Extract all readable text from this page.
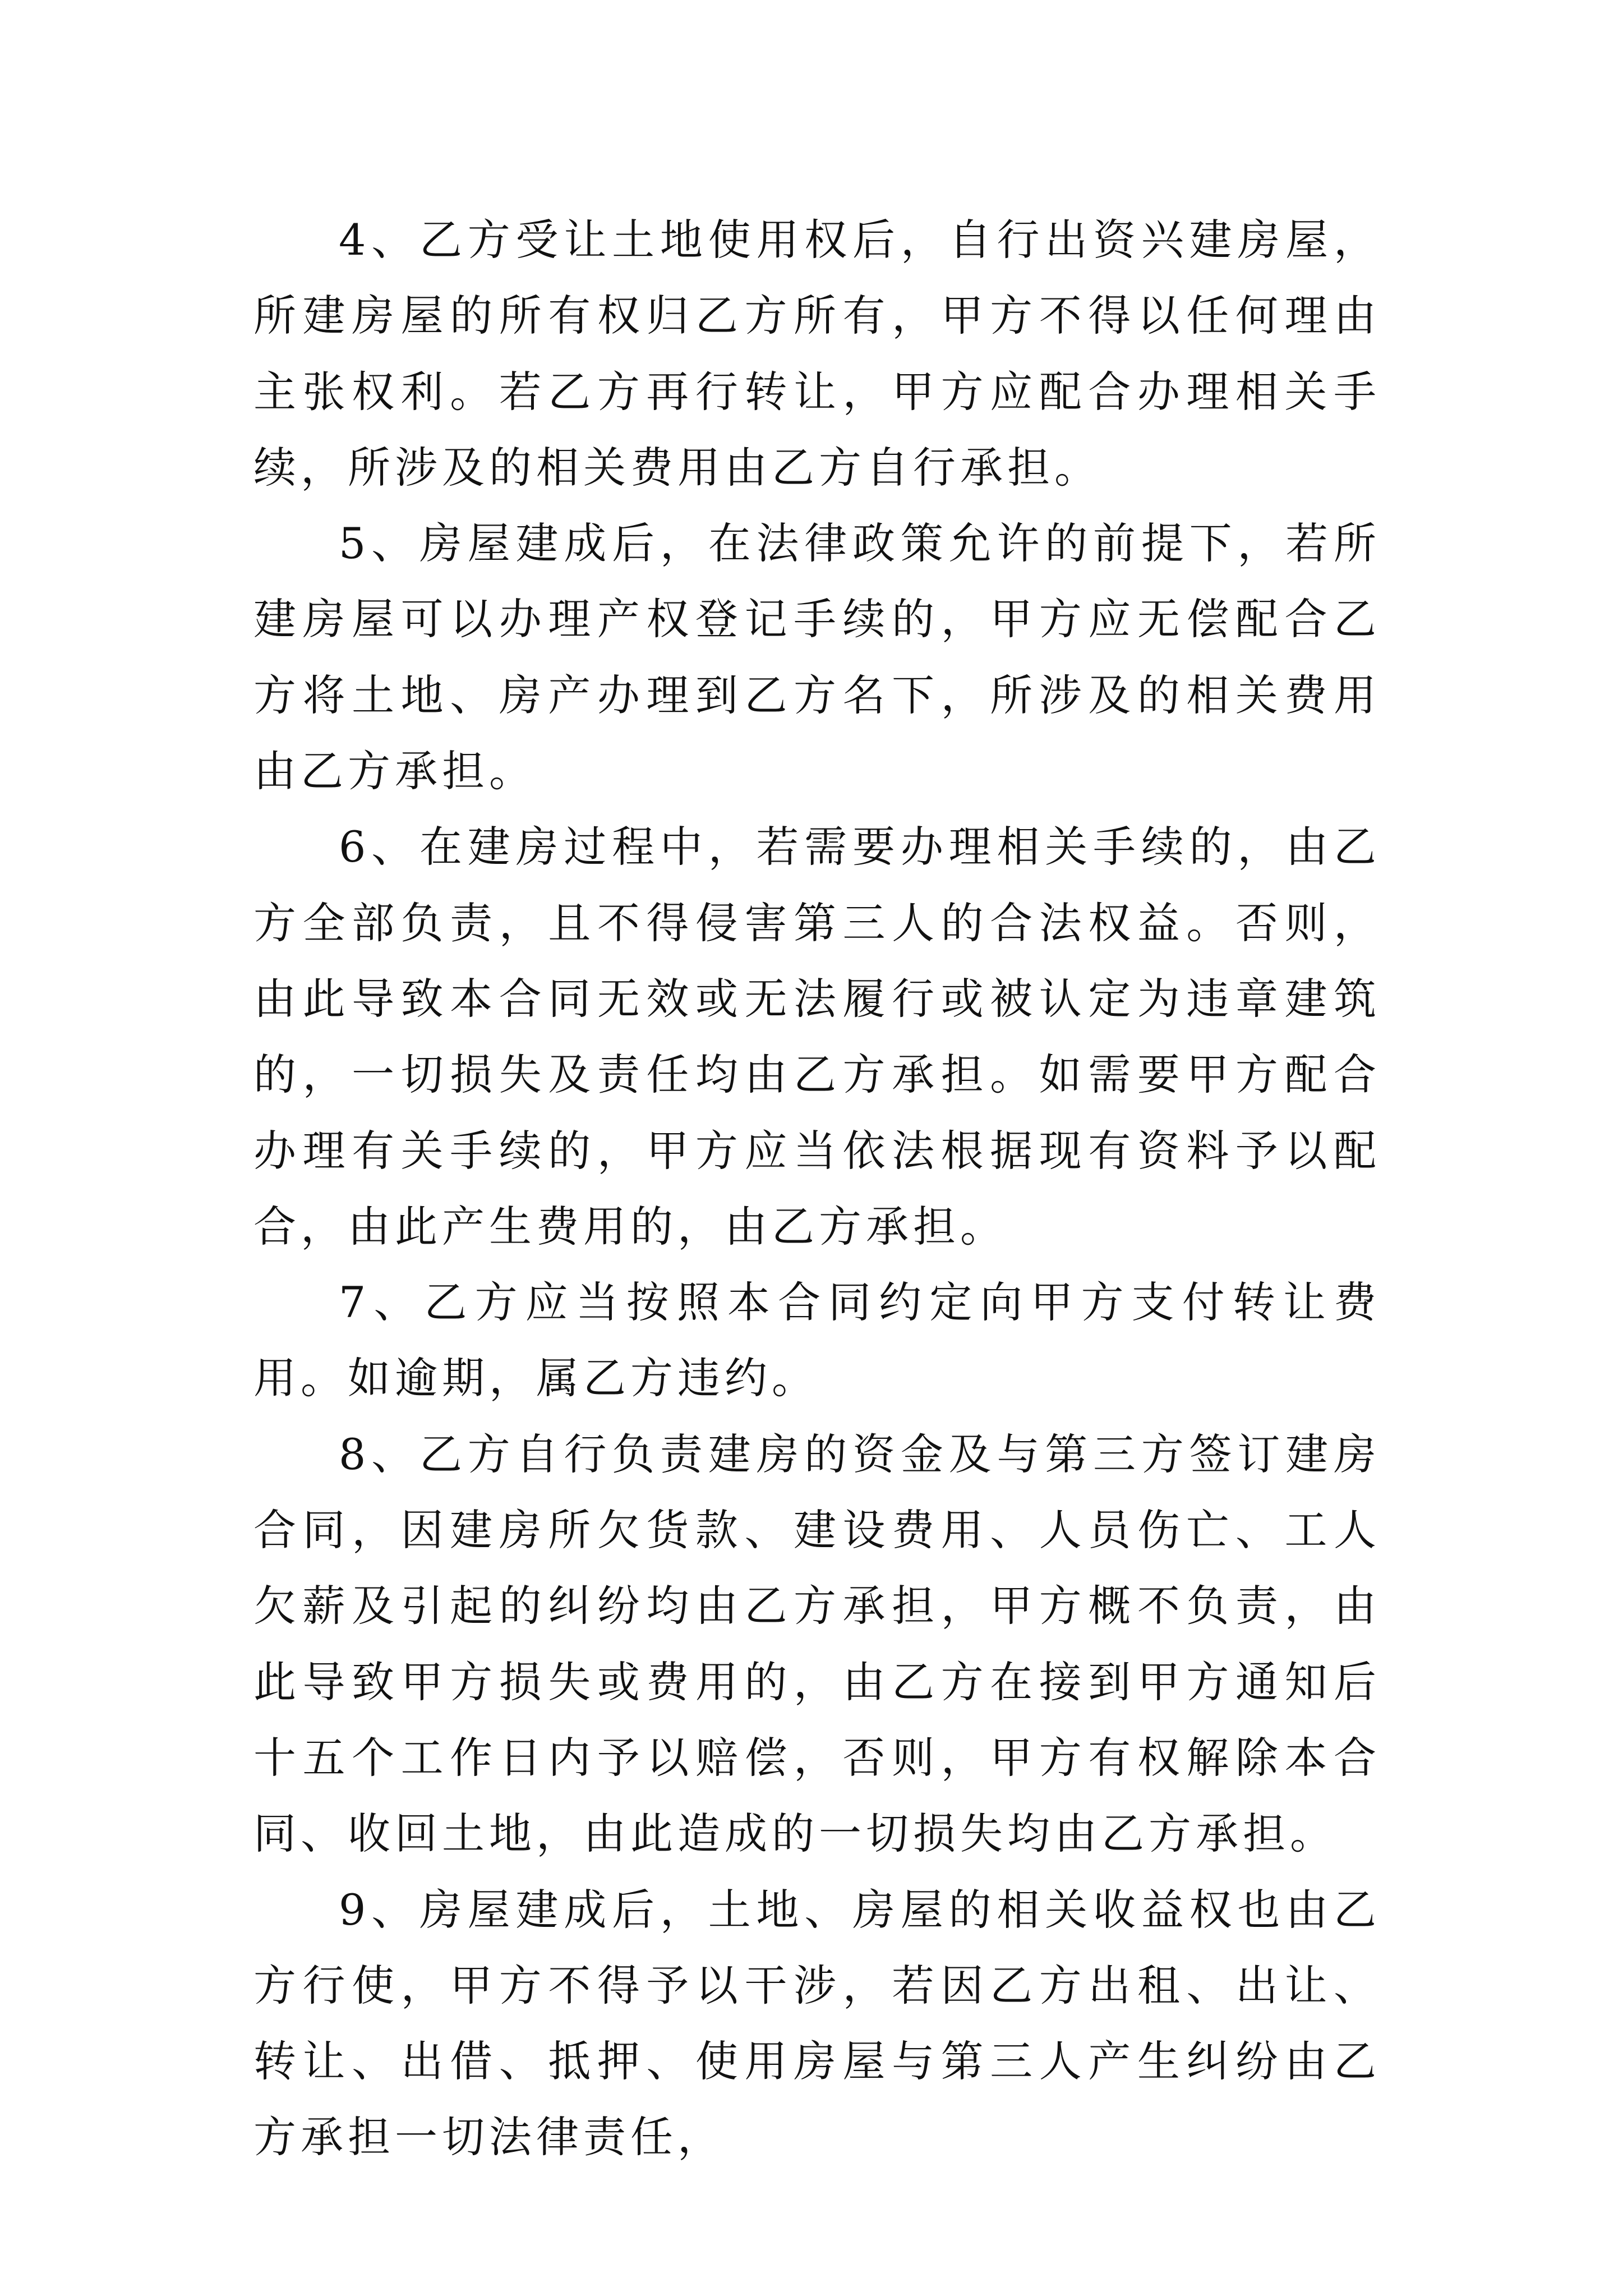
4、乙方受让土地使用权后，自行出资兴建房屋，所建房屋的所有权归乙方所有，甲方不得以任何理由主张权利。若乙方再行转让，甲方应配合办理相关手续，所涉及的相关费用由乙方自行承担。

5、房屋建成后，在法律政策允许的前提下，若所建房屋可以办理产权登记手续的，甲方应无偿配合乙方将土地、房产办理到乙方名下，所涉及的相关费用由乙方承担。

6、在建房过程中，若需要办理相关手续的，由乙方全部负责，且不得侵害第三人的合法权益。否则，由此导致本合同无效或无法履行或被认定为违章建筑的，一切损失及责任均由乙方承担。如需要甲方配合办理有关手续的，甲方应当依法根据现有资料予以配合，由此产生费用的，由乙方承担。

7、乙方应当按照本合同约定向甲方支付转让费用。如逾期，属乙方违约。

8、乙方自行负责建房的资金及与第三方签订建房合同，因建房所欠货款、建设费用、人员伤亡、工人欠薪及引起的纠纷均由乙方承担，甲方概不负责，由此导致甲方损失或费用的，由乙方在接到甲方通知后十五个工作日内予以赔偿，否则，甲方有权解除本合同、收回土地，由此造成的一切损失均由乙方承担。

9、房屋建成后，土地、房屋的相关收益权也由乙方行使，甲方不得予以干涉，若因乙方出租、出让、转让、出借、抵押、使用房屋与第三人产生纠纷由乙方承担一切法律责任，
